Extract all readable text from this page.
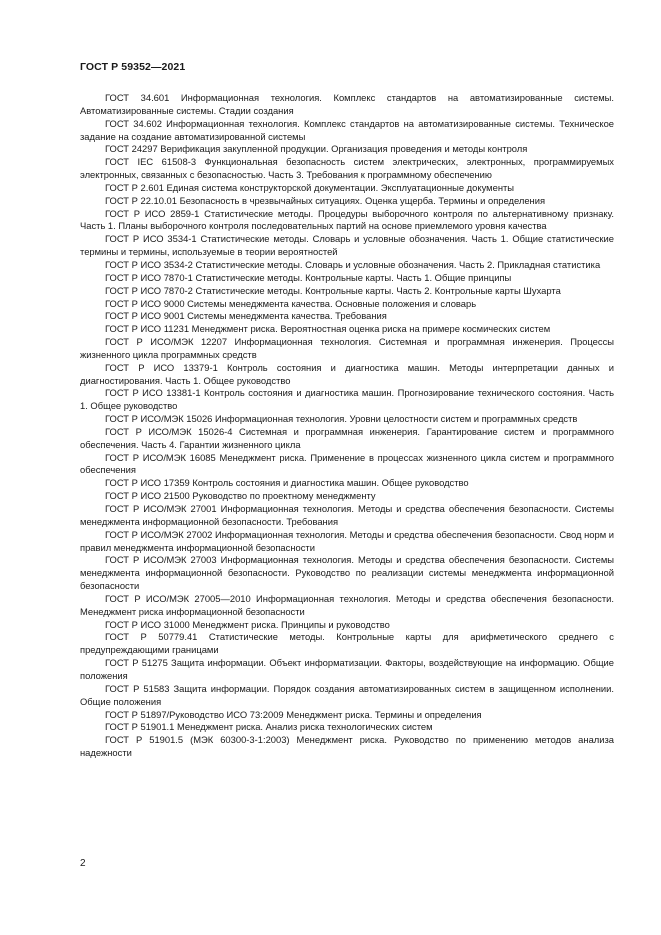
ГОСТ Р 59352—2021

ГОСТ 34.601 Информационная технология. Комплекс стандартов на автоматизированные системы. Автоматизированные системы. Стадии создания

ГОСТ 34.602 Информационная технология. Комплекс стандартов на автоматизированные системы. Техническое задание на создание автоматизированной системы

ГОСТ 24297 Верификация закупленной продукции. Организация проведения и методы контроля

ГОСТ IEC 61508-3 Функциональная безопасность систем электрических, электронных, программируемых электронных, связанных с безопасностью. Часть 3. Требования к программному обеспечению

ГОСТ Р 2.601 Единая система конструкторской документации. Эксплуатационные документы

ГОСТ Р 22.10.01 Безопасность в чрезвычайных ситуациях. Оценка ущерба. Термины и определения

ГОСТ Р ИСО 2859-1 Статистические методы. Процедуры выборочного контроля по альтернативному признаку. Часть 1. Планы выборочного контроля последовательных партий на основе приемлемого уровня качества

ГОСТ Р ИСО 3534-1 Статистические методы. Словарь и условные обозначения. Часть 1. Общие статистические термины и термины, используемые в теории вероятностей

ГОСТ Р ИСО 3534-2 Статистические методы. Словарь и условные обозначения. Часть 2. Прикладная статистика

ГОСТ Р ИСО 7870-1 Статистические методы. Контрольные карты. Часть 1. Общие принципы

ГОСТ Р ИСО 7870-2 Статистические методы. Контрольные карты. Часть 2. Контрольные карты Шухарта

ГОСТ Р ИСО 9000 Системы менеджмента качества. Основные положения и словарь

ГОСТ Р ИСО 9001 Системы менеджмента качества. Требования

ГОСТ Р ИСО 11231 Менеджмент риска. Вероятностная оценка риска на примере космических систем

ГОСТ Р ИСО/МЭК 12207 Информационная технология. Системная и программная инженерия. Процессы жизненного цикла программных средств

ГОСТ Р ИСО 13379-1 Контроль состояния и диагностика машин. Методы интерпретации данных и диагностирования. Часть 1. Общее руководство

ГОСТ Р ИСО 13381-1 Контроль состояния и диагностика машин. Прогнозирование технического состояния. Часть 1. Общее руководство

ГОСТ Р ИСО/МЭК 15026 Информационная технология. Уровни целостности систем и программных средств

ГОСТ Р ИСО/МЭК 15026-4 Системная и программная инженерия. Гарантирование систем и программного обеспечения. Часть 4. Гарантии жизненного цикла

ГОСТ Р ИСО/МЭК 16085 Менеджмент риска. Применение в процессах жизненного цикла систем и программного обеспечения

ГОСТ Р ИСО 17359 Контроль состояния и диагностика машин. Общее руководство

ГОСТ Р ИСО 21500 Руководство по проектному менеджменту

ГОСТ Р ИСО/МЭК 27001 Информационная технология. Методы и средства обеспечения безопасности. Системы менеджмента информационной безопасности. Требования

ГОСТ Р ИСО/МЭК 27002 Информационная технология. Методы и средства обеспечения безопасности. Свод норм и правил менеджмента информационной безопасности

ГОСТ Р ИСО/МЭК 27003 Информационная технология. Методы и средства обеспечения безопасности. Системы менеджмента информационной безопасности. Руководство по реализации системы менеджмента информационной безопасности

ГОСТ Р ИСО/МЭК 27005—2010 Информационная технология. Методы и средства обеспечения безопасности. Менеджмент риска информационной безопасности

ГОСТ Р ИСО 31000 Менеджмент риска. Принципы и руководство

ГОСТ Р 50779.41 Статистические методы. Контрольные карты для арифметического среднего с предупреждающими границами

ГОСТ Р 51275 Защита информации. Объект информатизации. Факторы, воздействующие на информацию. Общие положения

ГОСТ Р 51583 Защита информации. Порядок создания автоматизированных систем в защищенном исполнении. Общие положения

ГОСТ Р 51897/Руководство ИСО 73:2009 Менеджмент риска. Термины и определения

ГОСТ Р 51901.1 Менеджмент риска. Анализ риска технологических систем

ГОСТ Р 51901.5 (МЭК 60300-3-1:2003) Менеджмент риска. Руководство по применению методов анализа надежности

2
